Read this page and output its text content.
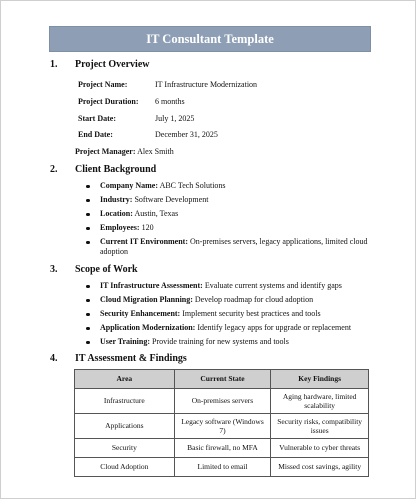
IT Consultant Template
1.	Project Overview
Project Name:	IT Infrastructure Modernization
Project Duration:	6 months
Start Date:	July 1, 2025
End Date:	December 31, 2025
Project Manager: Alex Smith
2.	Client Background

Company Name: ABC Tech Solutions

Industry: Software Development

Location: Austin, Texas

Employees: 120

Current IT Environment: On-premises servers, legacy applications, limited cloud adoption

3.	Scope of Work

IT Infrastructure Assessment: Evaluate current systems and identify gaps

Cloud Migration Planning: Develop roadmap for cloud adoption

Security Enhancement: Implement security best practices and tools

Application Modernization: Identify legacy apps for upgrade or replacement

User Training: Provide training for new systems and tools

4.	IT Assessment & Findings
Area	Current State	Key Findings
Infrastructure	On-premises servers	Aging hardware, limited scalability
Applications	Legacy software (Windows 7)	Security risks, compatibility issues
Security	Basic firewall, no MFA	Vulnerable to cyber threats
Cloud Adoption	Limited to email	Missed cost savings, agility
